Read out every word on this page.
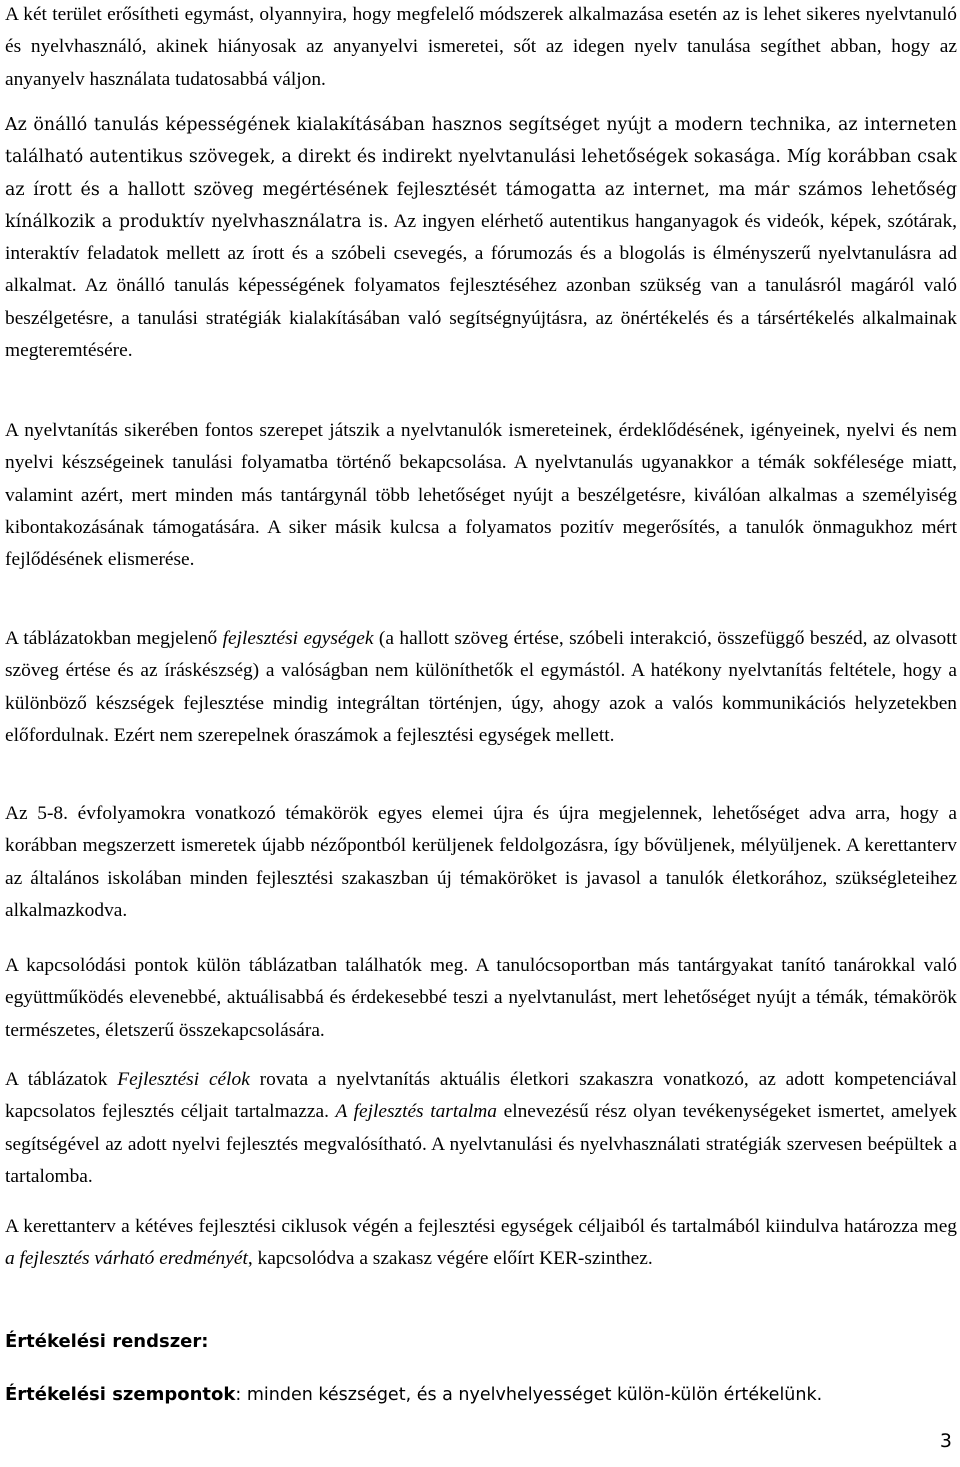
A két terület erősítheti egymást, olyannyira, hogy megfelelő módszerek alkalmazása esetén az is lehet sikeres nyelvtanuló és nyelvhasználó, akinek hiányosak az anyanyelvi ismeretei, sőt az idegen nyelv tanulása segíthet abban, hogy az anyanyelv használata tudatosabbá váljon.

Az önálló tanulás képességének kialakításában hasznos segítséget nyújt a modern technika, az interneten található autentikus szövegek, a direkt és indirekt nyelvtanulási lehetőségek sokasága. Míg korábban csak az írott és a hallott szöveg megértésének fejlesztését támogatta az internet, ma már számos lehetőség kínálkozik a produktív nyelvhasználatra is. Az ingyen elérhető autentikus hanganyagok és videók, képek, szótárak, interaktív feladatok mellett az írott és a szóbeli csevegés, a fórumozás és a blogolás is élményszerű nyelvtanulásra ad alkalmat. Az önálló tanulás képességének folyamatos fejlesztéséhez azonban szükség van a tanulásról magáról való beszélgetésre, a tanulási stratégiák kialakításában való segítségnyújtásra, az önértékelés és a társértékelés alkalmainak megteremtésére.

A nyelvtanítás sikerében fontos szerepet játszik a nyelvtanulók ismereteinek, érdeklődésének, igényeinek, nyelvi és nem nyelvi készségeinek tanulási folyamatba történő bekapcsolása. A nyelvtanulás ugyanakkor a témák sokfélesége miatt, valamint azért, mert minden más tantárgynál több lehetőséget nyújt a beszélgetésre, kiválóan alkalmas a személyiség kibontakozásának támogatására. A siker másik kulcsa a folyamatos pozitív megerősítés, a tanulók önmagukhoz mért fejlődésének elismerése.

A táblázatokban megjelenő fejlesztési egységek (a hallott szöveg értése, szóbeli interakció, összefüggő beszéd, az olvasott szöveg értése és az íráskészség) a valóságban nem különíthetők el egymástól. A hatékony nyelvtanítás feltétele, hogy a különböző készségek fejlesztése mindig integráltan történjen, úgy, ahogy azok a valós kommunikációs helyzetekben előfordulnak. Ezért nem szerepelnek óraszámok a fejlesztési egységek mellett.

Az 5-8. évfolyamokra vonatkozó témakörök egyes elemei újra és újra megjelennek, lehetőséget adva arra, hogy a korábban megszerzett ismeretek újabb nézőpontból kerüljenek feldolgozásra, így bővüljenek, mélyüljenek. A kerettanterv az általános iskolában minden fejlesztési szakaszban új témaköröket is javasol a tanulók életkorához, szükségleteihez alkalmazkodva.

A kapcsolódási pontok külön táblázatban találhatók meg. A tanulócsoportban más tantárgyakat tanító tanárokkal való együttműködés elevenebbé, aktuálisabbá és érdekesebbé teszi a nyelvtanulást, mert lehetőséget nyújt a témák, témakörök természetes, életszerű összekapcsolására.

A táblázatok Fejlesztési célok rovata a nyelvtanítás aktuális életkori szakaszra vonatkozó, az adott kompetenciával kapcsolatos fejlesztés céljait tartalmazza. A fejlesztés tartalma elnevezésű rész olyan tevékenységeket ismertet, amelyek segítségével az adott nyelvi fejlesztés megvalósítható. A nyelvtanulási és nyelvhasználati stratégiák szervesen beépültek a tartalomba.

A kerettanterv a kétéves fejlesztési ciklusok végén a fejlesztési egységek céljaiból és tartalmából kiindulva határozza meg a fejlesztés várható eredményét, kapcsolódva a szakasz végére előírt KER-szinthez.

Értékelési rendszer:

Értékelési szempontok: minden készséget, és a nyelvhelyességet külön-külön értékelünk.

3
